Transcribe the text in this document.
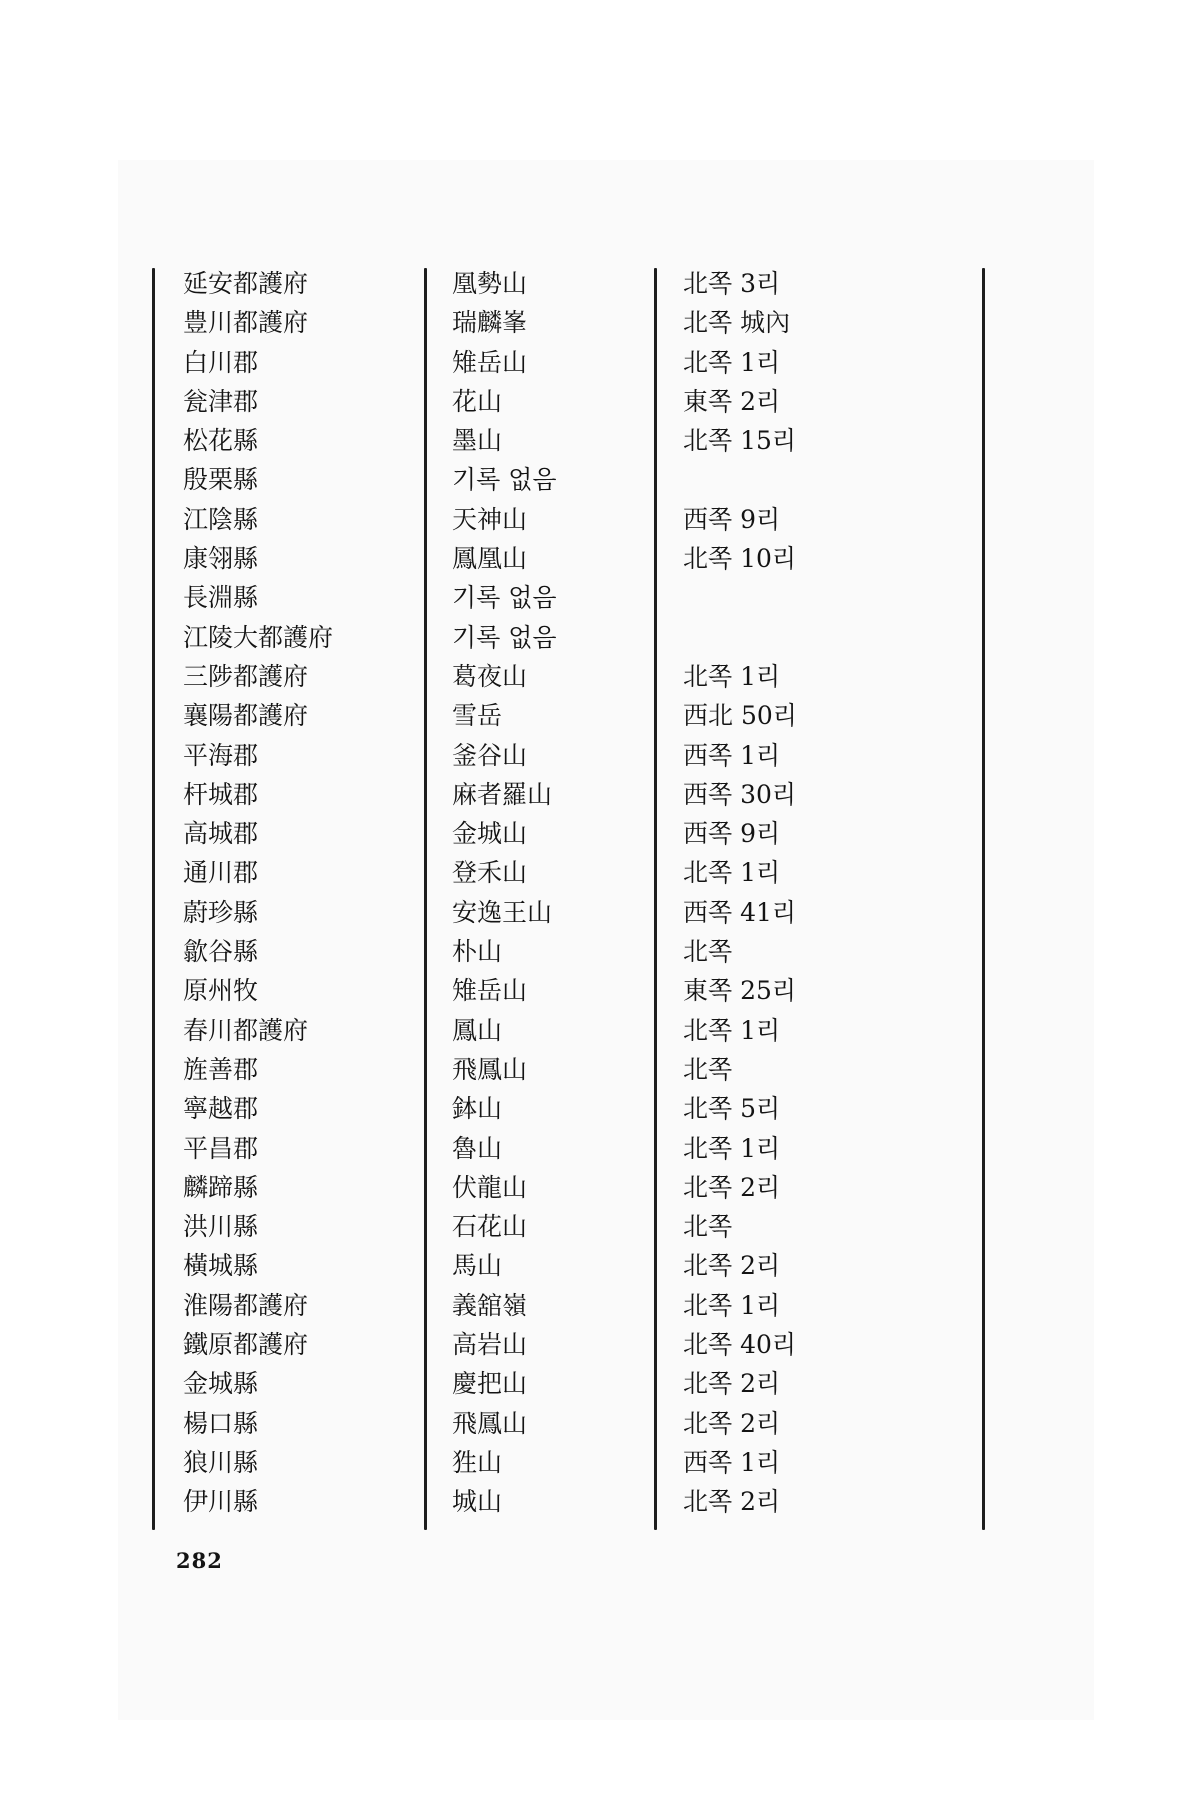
延安都護府	凰勢山	北쪽 3리
豊川都護府	瑞麟峯	北쪽 城內
白川郡	雉岳山	北쪽 1리
瓮津郡	花山	東쪽 2리
松花縣	墨山	北쪽 15리
殷栗縣	기록 없음
江陰縣	天神山	西쪽 9리
康翎縣	鳳凰山	北쪽 10리
長淵縣	기록 없음
江陵大都護府	기록 없음
三陟都護府	葛夜山	北쪽 1리
襄陽都護府	雪岳	西北 50리
平海郡	釜谷山	西쪽 1리
杆城郡	麻者羅山	西쪽 30리
高城郡	金城山	西쪽 9리
通川郡	登禾山	北쪽 1리
蔚珍縣	安逸王山	西쪽 41리
歙谷縣	朴山	北쪽
原州牧	雉岳山	東쪽 25리
春川都護府	鳳山	北쪽 1리
旌善郡	飛鳳山	北쪽
寧越郡	鉢山	北쪽 5리
平昌郡	魯山	北쪽 1리
麟蹄縣	伏龍山	北쪽 2리
洪川縣	石花山	北쪽
橫城縣	馬山	北쪽 2리
淮陽都護府	義舘嶺	北쪽 1리
鐵原都護府	高岩山	北쪽 40리
金城縣	慶把山	北쪽 2리
楊口縣	飛鳳山	北쪽 2리
狼川縣	狌山	西쪽 1리
伊川縣	城山	北쪽 2리
282
